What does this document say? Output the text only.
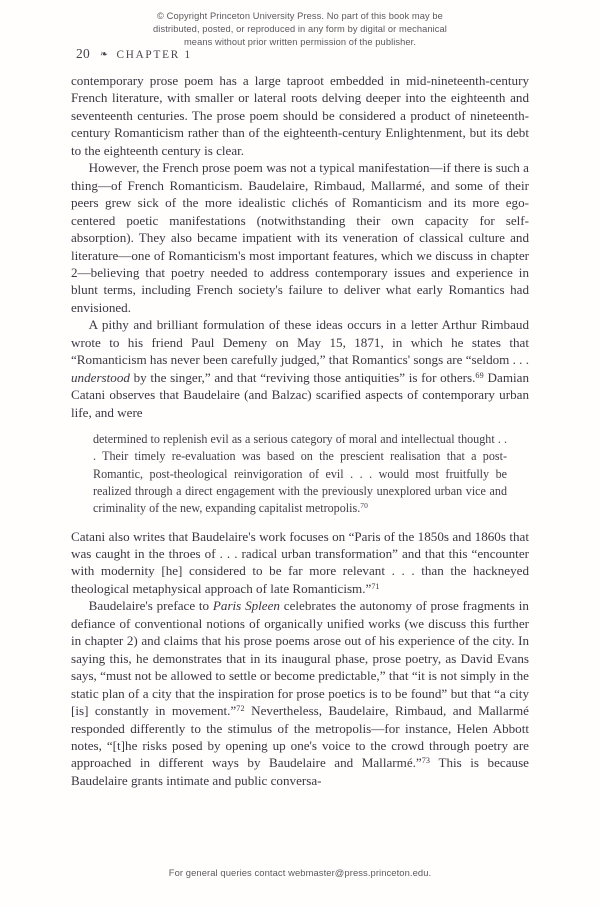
© Copyright Princeton University Press. No part of this book may be
distributed, posted, or reproduced in any form by digital or mechanical
means without prior written permission of the publisher.
20 ❧ CHAPTER 1

contemporary prose poem has a large taproot embedded in mid-nineteenth-century French literature, with smaller or lateral roots delving deeper into the eighteenth and seventeenth centuries. The prose poem should be considered a product of nineteenth-century Romanticism rather than of the eighteenth-century Enlightenment, but its debt to the eighteenth century is clear.

However, the French prose poem was not a typical manifestation—if there is such a thing—of French Romanticism. Baudelaire, Rimbaud, Mallarmé, and some of their peers grew sick of the more idealistic clichés of Romanticism and its more ego-centered poetic manifestations (notwithstanding their own capacity for self-absorption). They also became impatient with its veneration of classical culture and literature—one of Romanticism's most important features, which we discuss in chapter 2—believing that poetry needed to address contemporary issues and experience in blunt terms, including French society's failure to deliver what early Romantics had envisioned.

A pithy and brilliant formulation of these ideas occurs in a letter Arthur Rimbaud wrote to his friend Paul Demeny on May 15, 1871, in which he states that “Romanticism has never been carefully judged,” that Romantics' songs are “seldom . . . understood by the singer,” and that “reviving those antiquities” is for others.$^{69}$ Damian Catani observes that Baudelaire (and Balzac) scarified aspects of contemporary urban life, and were

determined to replenish evil as a serious category of moral and intellectual thought . . . Their timely re-evaluation was based on the prescient realisation that a post-Romantic, post-theological reinvigoration of evil . . . would most fruitfully be realized through a direct engagement with the previously unexplored urban vice and criminality of the new, expanding capitalist metropolis.$^{70}$

Catani also writes that Baudelaire's work focuses on “Paris of the 1850s and 1860s that was caught in the throes of . . . radical urban transformation” and that this “encounter with modernity [he] considered to be far more relevant . . . than the hackneyed theological metaphysical approach of late Romanticism.”$^{71}$

Baudelaire's preface to Paris Spleen celebrates the autonomy of prose fragments in defiance of conventional notions of organically unified works (we discuss this further in chapter 2) and claims that his prose poems arose out of his experience of the city. In saying this, he demonstrates that in its inaugural phase, prose poetry, as David Evans says, “must not be allowed to settle or become predictable,” that “it is not simply in the static plan of a city that the inspiration for prose poetics is to be found” but that “a city [is] constantly in movement.”$^{72}$ Nevertheless, Baudelaire, Rimbaud, and Mallarmé responded differently to the stimulus of the metropolis—for instance, Helen Abbott notes, “[t]he risks posed by opening up one's voice to the crowd through poetry are approached in different ways by Baudelaire and Mallarmé.”$^{73}$ This is because Baudelaire grants intimate and public conversa-

For general queries contact webmaster@press.princeton.edu.
